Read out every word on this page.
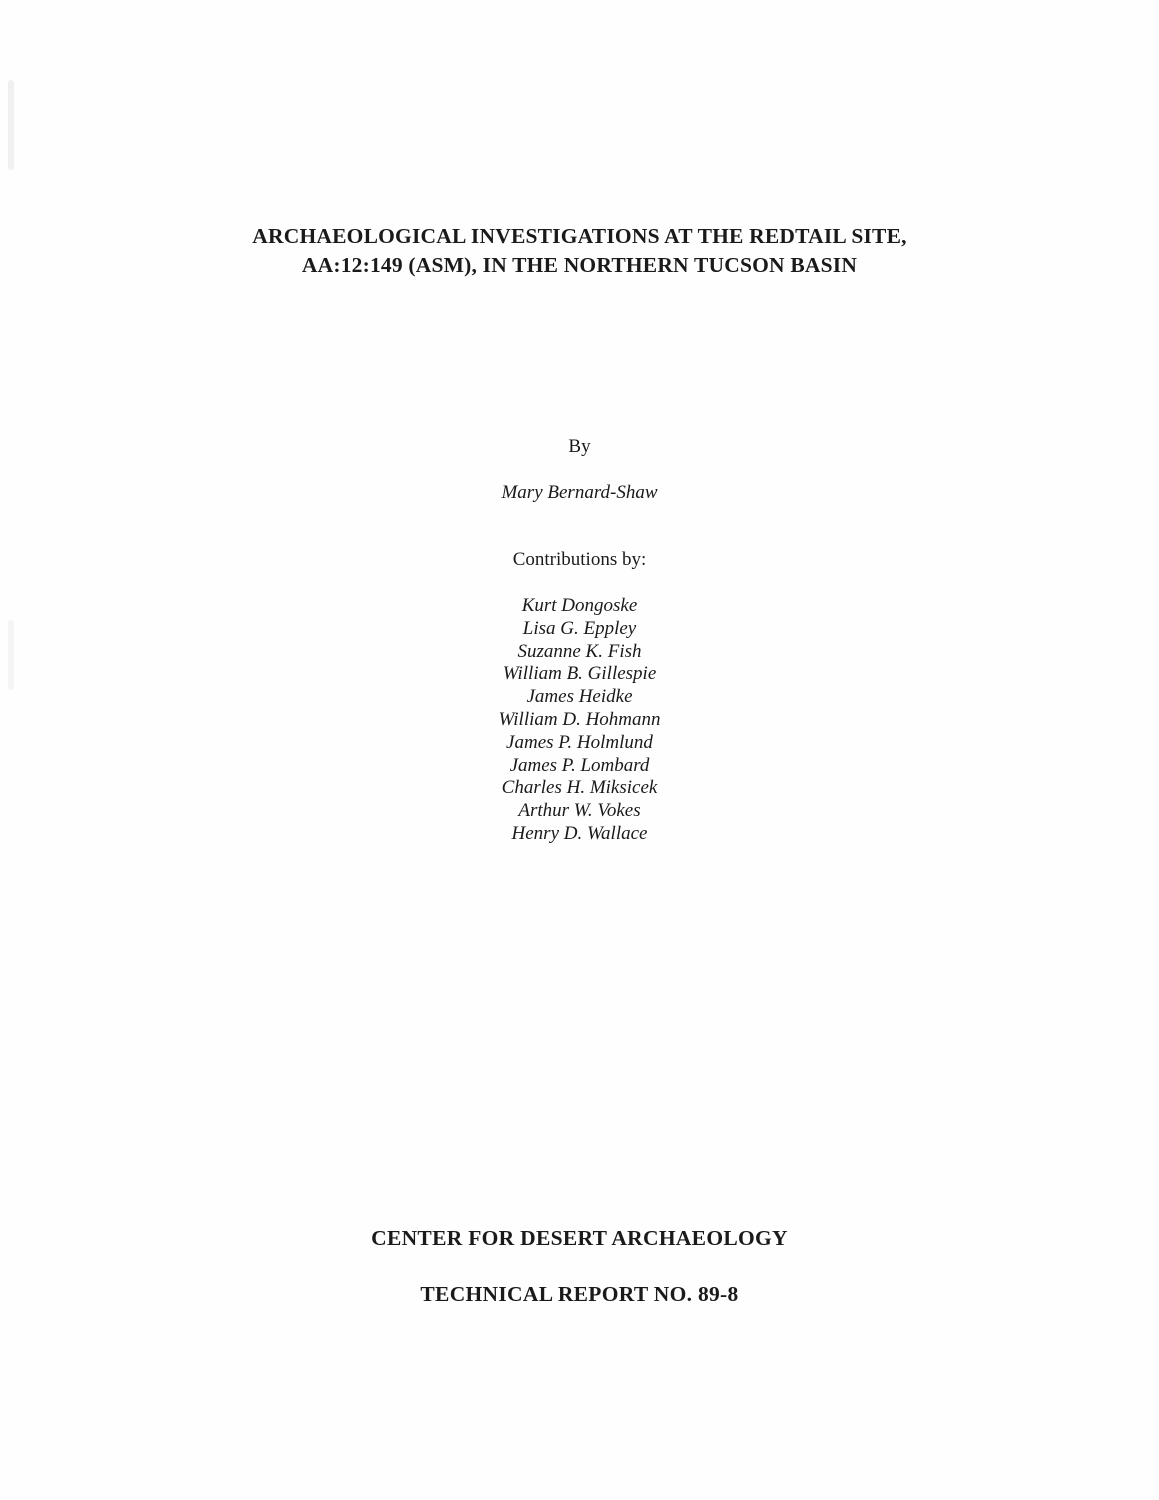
ARCHAEOLOGICAL INVESTIGATIONS AT THE REDTAIL SITE,
AA:12:149 (ASM), IN THE NORTHERN TUCSON BASIN
By
Mary Bernard-Shaw
Contributions by:
Kurt Dongoske
Lisa G. Eppley
Suzanne K. Fish
William B. Gillespie
James Heidke
William D. Hohmann
James P. Holmlund
James P. Lombard
Charles H. Miksicek
Arthur W. Vokes
Henry D. Wallace
CENTER FOR DESERT ARCHAEOLOGY
TECHNICAL REPORT NO. 89-8
